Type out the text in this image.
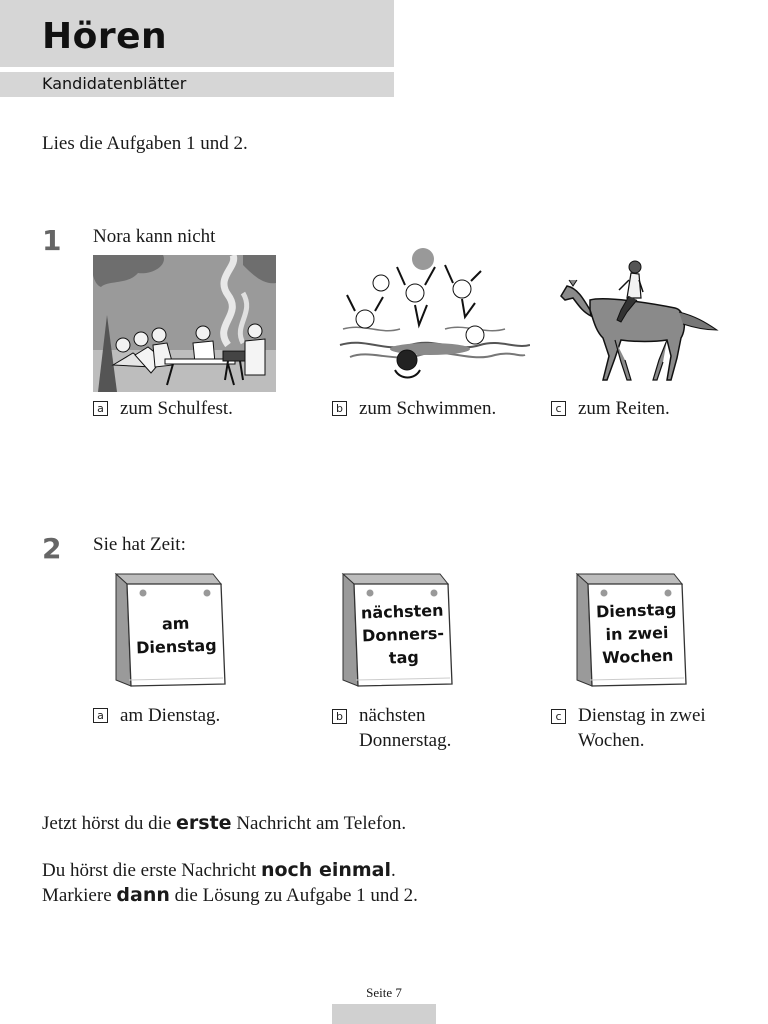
Hören
Kandidatenblätter
Lies die Aufgaben 1 und 2.
1 Nora kann nicht
a zum Schulfest.	b zum Schwimmen.	c zum Reiten.
2 Sie hat Zeit:
am
Dienstag
nächsten
Donners-
tag
Dienstag
in zwei
Wochen
a am Dienstag.	b nächsten
Donnerstag.
c Dienstag in zwei
Wochen.
Jetzt hörst du die erste Nachricht am Telefon.
Du hörst die erste Nachricht noch einmal.
Markiere dann die Lösung zu Aufgabe 1 und 2.
Seite 7
